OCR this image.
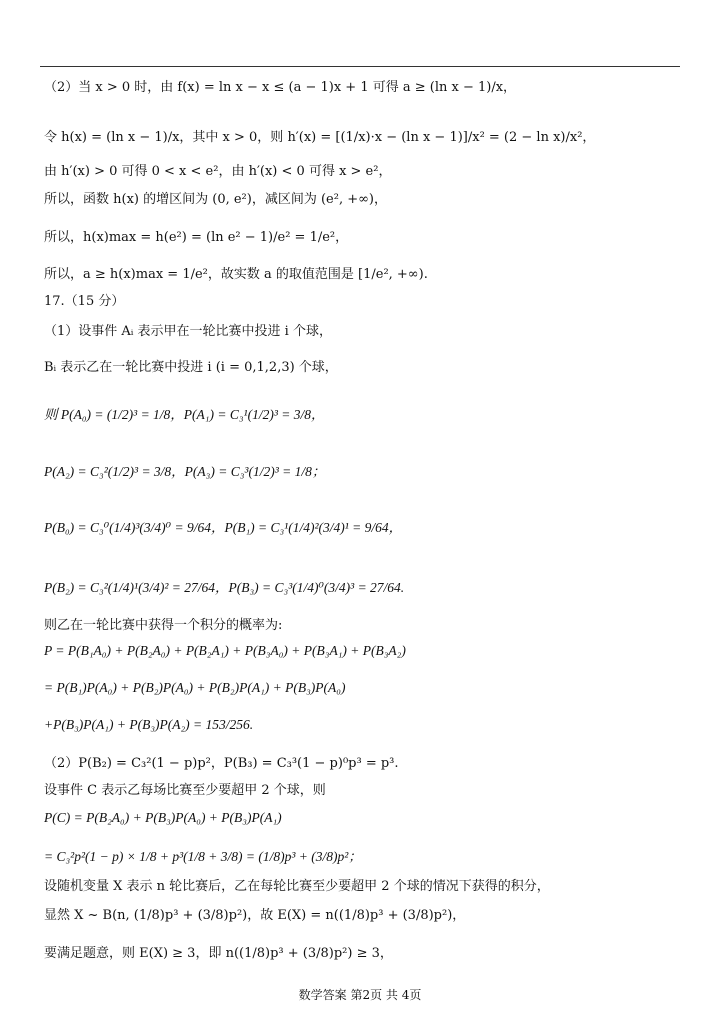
（2）当 x > 0 时，由 f(x) = ln x − x ≤ (a − 1)x + 1 可得 a ≥ (ln x − 1)/x，
令 h(x) = (ln x − 1)/x，其中 x > 0，则 h′(x) = [(1/x)·x − (ln x − 1)]/x² = (2 − ln x)/x²，
由 h′(x) > 0 可得 0 < x < e²，由 h′(x) < 0 可得 x > e²，
所以，函数 h(x) 的增区间为 (0, e²)，减区间为 (e², +∞)，
所以，h(x)max = h(e²) = (ln e² − 1)/e² = 1/e²，
所以，a ≥ h(x)max = 1/e²，故实数 a 的取值范围是 [1/e², +∞).
17.（15 分）
（1）设事件 Aᵢ 表示甲在一轮比赛中投进 i 个球，
Bᵢ 表示乙在一轮比赛中投进 i (i = 0,1,2,3) 个球，
则 P(A₀) = (1/2)³ = 1/8，P(A₁) = C₃¹(1/2)³ = 3/8，
P(A₂) = C₃²(1/2)³ = 3/8，P(A₃) = C₃³(1/2)³ = 1/8；
P(B₀) = C₃⁰(1/4)³(3/4)⁰ = 9/64，P(B₁) = C₃¹(1/4)²(3/4)¹ = 9/64，
P(B₂) = C₃²(1/4)¹(3/4)² = 27/64，P(B₃) = C₃³(1/4)⁰(3/4)³ = 27/64.
则乙在一轮比赛中获得一个积分的概率为:
P = P(B₁A₀) + P(B₂A₀) + P(B₂A₁) + P(B₃A₀) + P(B₃A₁) + P(B₃A₂)
= P(B₁)P(A₀) + P(B₂)P(A₀) + P(B₂)P(A₁) + P(B₃)P(A₀)
+P(B₃)P(A₁) + P(B₃)P(A₂) = 153/256.
（2）P(B₂) = C₃²(1 − p)p²，P(B₃) = C₃³(1 − p)⁰p³ = p³.
设事件 C 表示乙每场比赛至少要超甲 2 个球，则
P(C) = P(B₂A₀) + P(B₃)P(A₀) + P(B₃)P(A₁)
= C₃²p²(1 − p) × 1/8 + p³(1/8 + 3/8) = (1/8)p³ + (3/8)p²；
设随机变量 X 表示 n 轮比赛后，乙在每轮比赛至少要超甲 2 个球的情况下获得的积分，
显然 X ~ B(n, (1/8)p³ + (3/8)p²)，故 E(X) = n((1/8)p³ + (3/8)p²)，
要满足题意，则 E(X) ≥ 3，即 n((1/8)p³ + (3/8)p²) ≥ 3，
数学答案 第2页 共 4页
